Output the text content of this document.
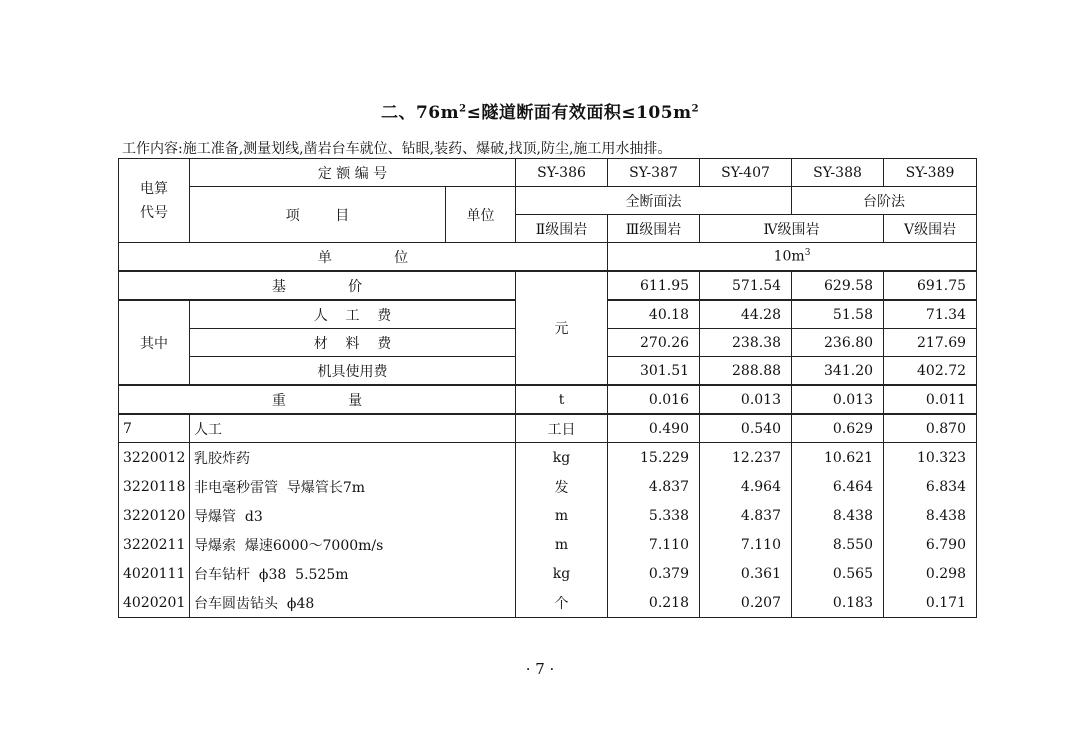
二、$76m^2\le$隧道断面有效面积$\le 105m^2$
工作内容:施工准备,测量划线,凿岩台车就位、钻眼,装药、爆破,找顶,防尘,施工用水抽排。
电算
代号	定 额 编 号		SY-386	SY-387	SY-407	SY-388	SY-389	
	项        目	单位	全断面法			台阶法		
			Ⅱ级围岩	Ⅲ级围岩	Ⅳ级围岩		Ⅴ级围岩	
单              位				$10m^3$
基              价			元	611.95	571.54	629.58	691.75	
其中	人    工    费			40.18	44.28	51.58	71.34	
	材    料    费			270.26	238.38	236.80	217.69	
	机具使用费			301.51	288.88	341.20	402.72	
重              量			t	0.016	0.013	0.013	0.011	
7	人工		工日	0.490	0.540	0.629	0.870	
3220012	乳胶炸药		kg	15.229	12.237	10.621	10.323	
3220118	非电毫秒雷管  导爆管长7m		发	4.837	4.964	6.464	6.834	
3220120	导爆管  d3		m	5.338	4.837	8.438	8.438	
3220211	导爆索  爆速6000～7000m/s		m	7.110	7.110	8.550	6.790	
4020111	台车钻杆  ϕ38  5.525m		kg	0.379	0.361	0.565	0.298	
4020201	台车圆齿钻头  ϕ48		个	0.218	0.207	0.183	0.171	
· 7 ·
